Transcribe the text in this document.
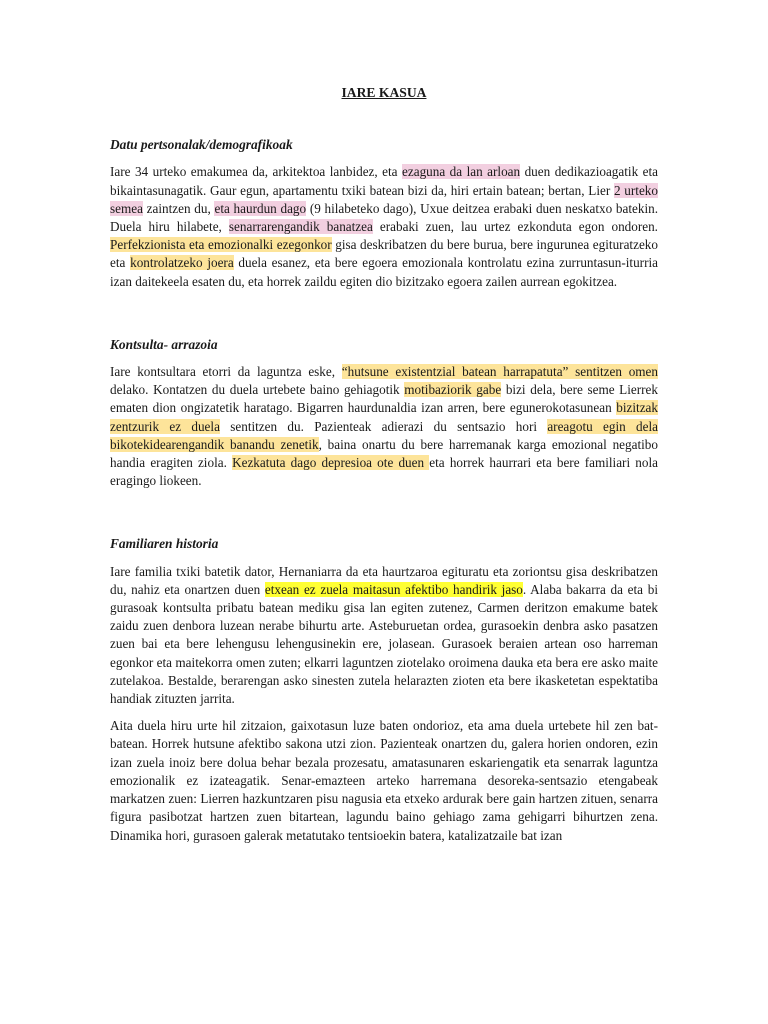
IARE KASUA
Datu pertsonalak/demografikoak

Iare 34 urteko emakumea da, arkitektoa lanbidez, eta ezaguna da lan arloan duen dedikazioagatik eta bikaintasunagatik. Gaur egun, apartamentu txiki batean bizi da, hiri ertain batean; bertan, Lier 2 urteko semea zaintzen du, eta haurdun dago (9 hilabeteko dago), Uxue deitzea erabaki duen neskatxo batekin. Duela hiru hilabete, senarrarengandik banatzea erabaki zuen, lau urtez ezkonduta egon ondoren. Perfekzionista eta emozionalki ezegonkor gisa deskribatzen du bere burua, bere ingurunea egituratzeko eta kontrolatzeko joera duela esanez, eta bere egoera emozionala kontrolatu ezina zurruntasun-iturria izan daitekeela esaten du, eta horrek zaildu egiten dio bizitzako egoera zailen aurrean egokitzea.

Kontsulta- arrazoia

Iare kontsultara etorri da laguntza eske, “hutsune existentzial batean harrapatuta” sentitzen omen delako. Kontatzen du duela urtebete baino gehiagotik motibaziorik gabe bizi dela, bere seme Lierrek ematen dion ongizatetik haratago. Bigarren haurdunaldia izan arren, bere egunerokotasunean bizitzak zentzurik ez duela sentitzen du. Pazienteak adierazi du sentsazio hori areagotu egin dela bikotekidearengandik banandu zenetik, baina onartu du bere harremanak karga emozional negatibo handia eragiten ziola. Kezkatuta dago depresioa ote duen eta horrek haurrari eta bere familiari nola eragingo liokeen.

Familiaren historia

Iare familia txiki batetik dator, Hernaniarra da eta haurtzaroa egituratu eta zoriontsu gisa deskribatzen du, nahiz eta onartzen duen etxean ez zuela maitasun afektibo handirik jaso. Alaba bakarra da eta bi gurasoak kontsulta pribatu batean mediku gisa lan egiten zutenez, Carmen deritzon emakume batek zaidu zuen denbora luzean nerabe bihurtu arte. Asteburuetan ordea, gurasoekin denbra asko pasatzen zuen bai eta bere lehengusu lehengusinekin ere, jolasean. Gurasoek beraien artean oso harreman egonkor eta maitekorra omen zuten; elkarri laguntzen ziotelako oroimena dauka eta bera ere asko maite zutelakoa. Bestalde, berarengan asko sinesten zutela helarazten zioten eta bere ikasketetan espektatiba handiak zituzten jarrita.

Aita duela hiru urte hil zitzaion, gaixotasun luze baten ondorioz, eta ama duela urtebete hil zen bat-batean. Horrek hutsune afektibo sakona utzi zion. Pazienteak onartzen du, galera horien ondoren, ezin izan zuela inoiz bere dolua behar bezala prozesatu, amatasunaren eskariengatik eta senarrak laguntza emozionalik ez izateagatik. Senar-emazteen arteko harremana desoreka-sentsazio etengabeak markatzen zuen: Lierren hazkuntzaren pisu nagusia eta etxeko ardurak bere gain hartzen zituen, senarra figura pasibotzat hartzen zuen bitartean, lagundu baino gehiago zama gehigarri bihurtzen zena. Dinamika hori, gurasoen galerak metatutako tentsioekin batera, katalizatzaile bat izan
